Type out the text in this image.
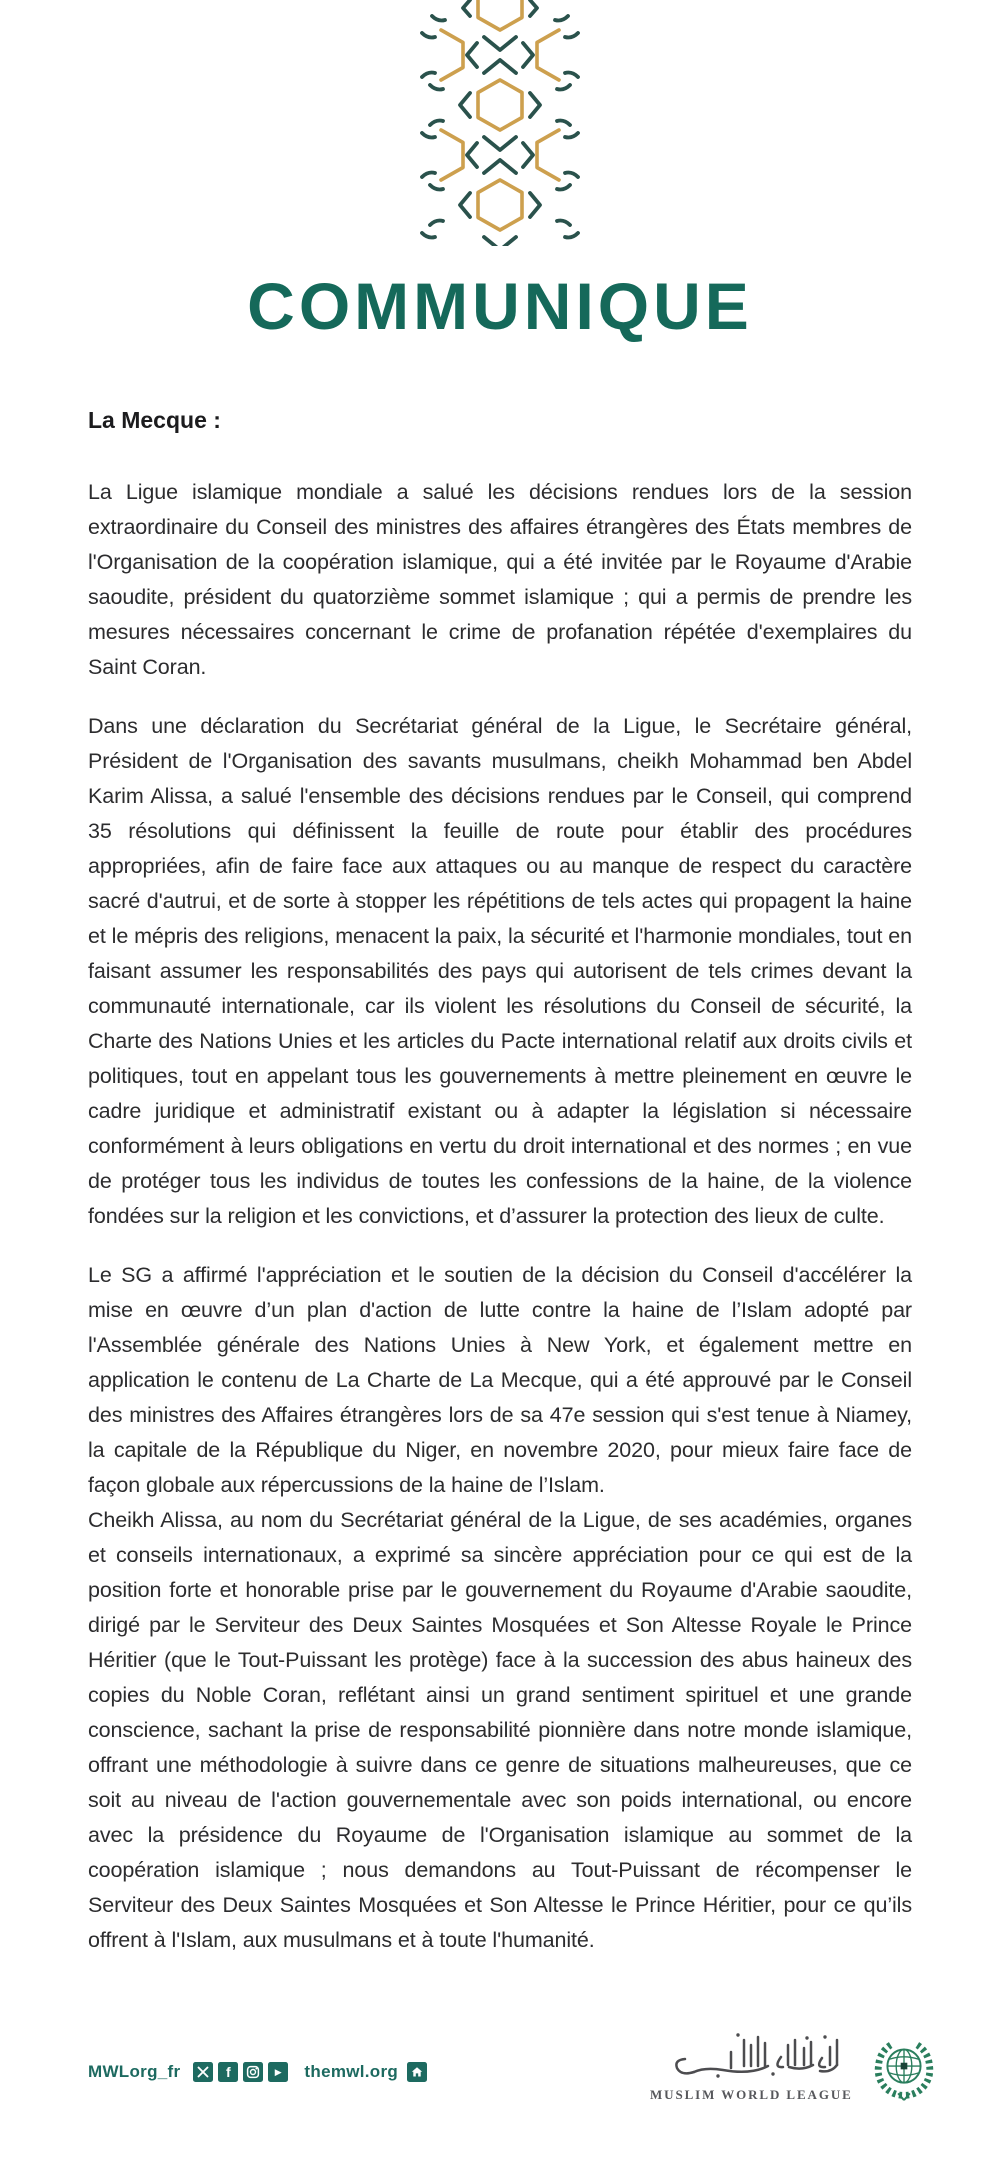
COMMUNIQUE
La Mecque :

La Ligue islamique mondiale a salué les décisions rendues lors de la session extraordinaire du Conseil des ministres des affaires étrangères des États membres de l'Organisation de la coopération islamique, qui a été invitée par le Royaume d'Arabie saoudite, président du quatorzième sommet islamique ; qui a permis de prendre les mesures nécessaires concernant le crime de profanation répétée d'exemplaires du Saint Coran.

Dans une déclaration du Secrétariat général de la Ligue, le Secrétaire général, Président de l'Organisation des savants musulmans, cheikh Mohammad ben Abdel Karim Alissa, a salué l'ensemble des décisions rendues par le Conseil, qui comprend 35 résolutions qui définissent la feuille de route pour établir des procédures appropriées, afin de faire face aux attaques ou au manque de respect du caractère sacré d'autrui, et de sorte à stopper les répétitions de tels actes qui propagent la haine et le mépris des religions, menacent la paix, la sécurité et l'harmonie mondiales, tout en faisant assumer les responsabilités des pays qui autorisent de tels crimes devant la communauté internationale, car ils violent les résolutions du Conseil de sécurité, la Charte des Nations Unies et les articles du Pacte international relatif aux droits civils et politiques, tout en appelant tous les gouvernements à mettre pleinement en œuvre le cadre juridique et administratif existant ou à adapter la législation si nécessaire conformément à leurs obligations en vertu du droit international et des normes ; en vue de protéger tous les individus de toutes les confessions de la haine, de la violence fondées sur la religion et les convictions, et d’assurer la protection des lieux de culte.

Le SG a affirmé l'appréciation et le soutien de la décision du Conseil d'accélérer la mise en œuvre d’un plan d'action de lutte contre la haine de l’Islam adopté par l'Assemblée générale des Nations Unies à New York, et également mettre en application le contenu de La Charte de La Mecque, qui a été approuvé par le Conseil des ministres des Affaires étrangères lors de sa 47e session qui s'est tenue à Niamey, la capitale de la République du Niger, en novembre 2020, pour mieux faire face de façon globale aux répercussions de la haine de l’Islam.

Cheikh Alissa, au nom du Secrétariat général de la Ligue, de ses académies, organes et conseils internationaux, a exprimé sa sincère appréciation pour ce qui est de la position forte et honorable prise par le gouvernement du Royaume d'Arabie saoudite, dirigé par le Serviteur des Deux Saintes Mosquées et Son Altesse Royale le Prince Héritier (que le Tout-Puissant les protège) face à la succession des abus haineux des copies du Noble Coran, reflétant ainsi un grand sentiment spirituel et une grande conscience, sachant la prise de responsabilité pionnière dans notre monde islamique, offrant une méthodologie à suivre dans ce genre de situations malheureuses, que ce soit au niveau de l'action gouvernementale avec son poids international, ou encore avec la présidence du Royaume de l'Organisation islamique au sommet de la coopération islamique ; nous demandons au Tout-Puissant de récompenser le Serviteur des Deux Saintes Mosquées et Son Altesse le Prince Héritier, pour ce qu’ils offrent à l'Islam, aux musulmans et à toute l'humanité.

MWLorg_fr	f	▶ themwl.org
MUSLIM WORLD LEAGUE
